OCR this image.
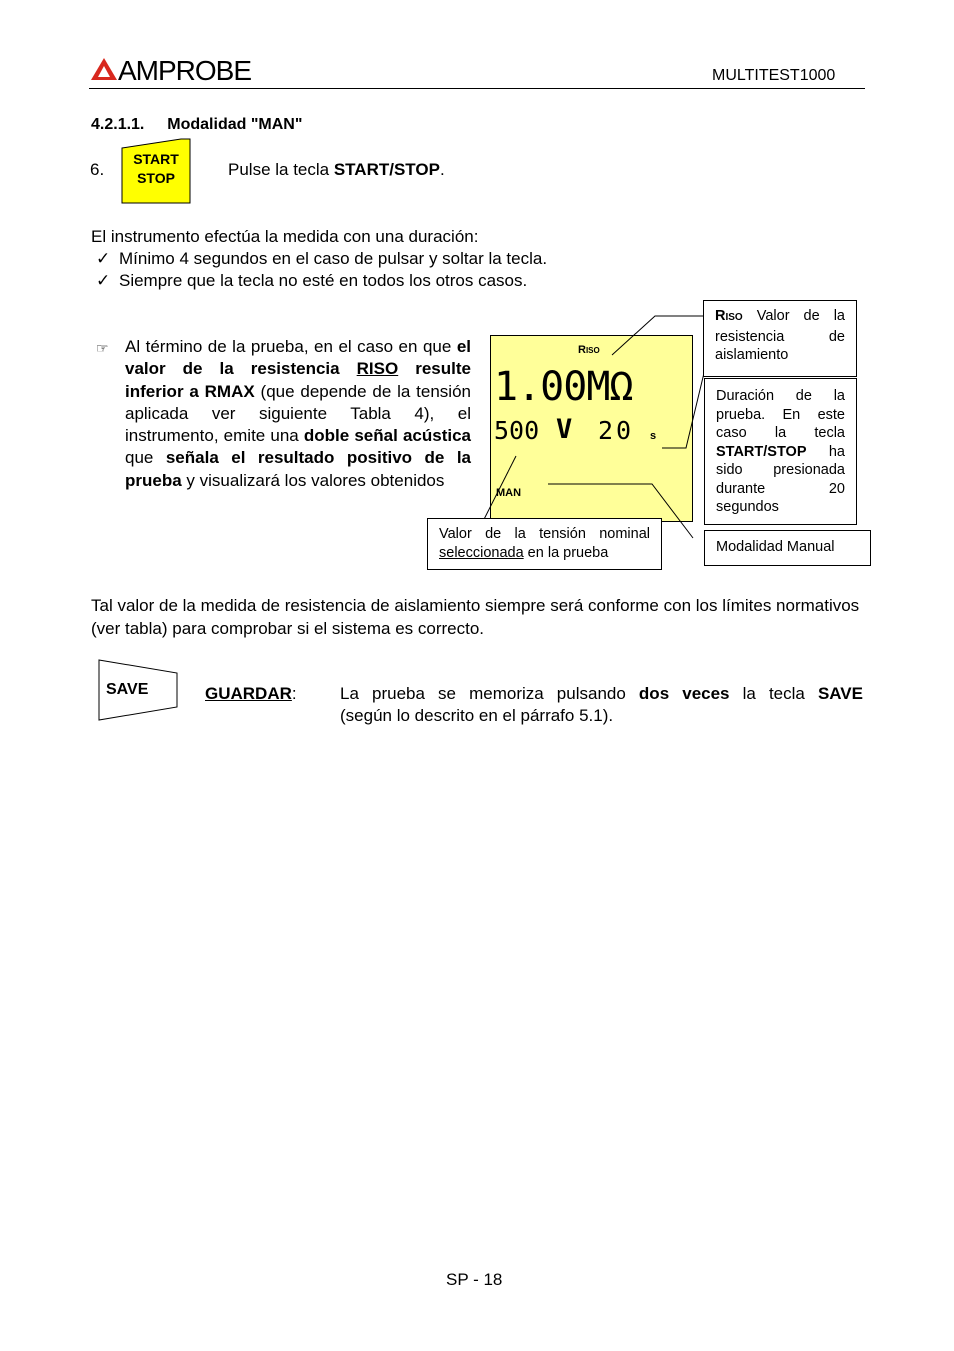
AMPROBE	MULTITEST1000
4.2.1.1. Modalidad "MAN"
6.
START
STOP	Pulse la tecla START/STOP.
El instrumento efectúa la medida con una duración:
✓ Mínimo 4 segundos en el caso de pulsar y soltar la tecla.
✓ Siempre que la tecla no esté en todos los otros casos.
☞ Al término de la prueba, en el caso en que el valor de la resistencia RISO resulte inferior a RMAX (que depende de la tensión aplicada ver siguiente Tabla 4), el instrumento, emite una doble señal acústica que señala el resultado positivo de la prueba y visualizará los valores obtenidos
RISO
1.00MΩ
500 V 20 s
MAN
RISO Valor de la resistencia de aislamiento
Duración de la prueba. En este caso la tecla START/STOP ha sido presionada durante 20 segundos
Modalidad Manual
Valor de la tensión nominal seleccionada en la prueba
Tal valor de la medida de resistencia de aislamiento siempre será conforme con los límites normativos (ver tabla) para comprobar si el sistema es correcto.
SAVE	GUARDAR:	La prueba se memoriza pulsando dos veces la tecla SAVE
(según lo descrito en el párrafo 5.1).
SP - 18
